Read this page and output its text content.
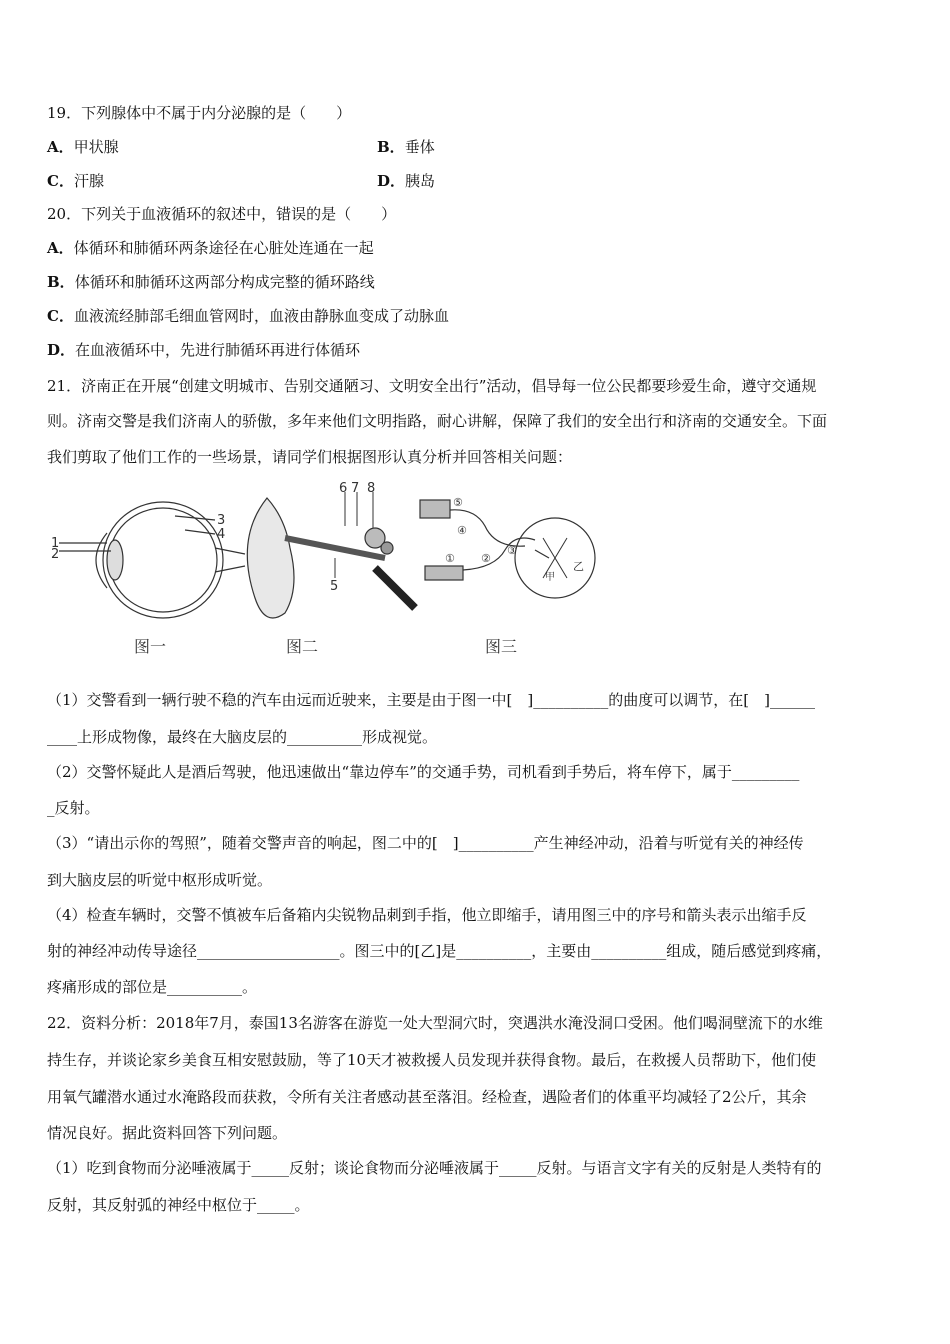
19．下列腺体中不属于内分泌腺的是（　　）
A．甲状腺	B．垂体
C．汗腺	D．胰岛
20．下列关于血液循环的叙述中，错误的是（　　）
A．体循环和肺循环两条途径在心脏处连通在一起
B．体循环和肺循环这两部分构成完整的循环路线
C．血液流经肺部毛细血管网时，血液由静脉血变成了动脉血
D．在血液循环中，先进行肺循环再进行体循环
21．济南正在开展“创建文明城市、告别交通陋习、文明安全出行”活动，倡导每一位公民都要珍爱生命，遵守交通规
则。济南交警是我们济南人的骄傲，多年来他们文明指路，耐心讲解，保障了我们的安全出行和济南的交通安全。下面
我们剪取了他们工作的一些场景，请同学们根据图形认真分析并回答相关问题：
1
2
3
4
6 7 8
5
⑤
④
③
②
①
甲
乙
图一	图二	图三
（1）交警看到一辆行驶不稳的汽车由远而近驶来，主要是由于图一中[　]__________的曲度可以调节，在[　]______
____上形成物像，最终在大脑皮层的__________形成视觉。
（2）交警怀疑此人是酒后驾驶，他迅速做出“靠边停车”的交通手势，司机看到手势后，将车停下，属于_________
_反射。
（3）“请出示你的驾照”，随着交警声音的响起，图二中的[　]__________产生神经冲动，沿着与听觉有关的神经传
到大脑皮层的听觉中枢形成听觉。
（4）检查车辆时，交警不慎被车后备箱内尖锐物品刺到手指，他立即缩手，请用图三中的序号和箭头表示出缩手反
射的神经冲动传导途径___________________。图三中的[乙]是__________，主要由__________组成，随后感觉到疼痛，
疼痛形成的部位是__________。
22．资料分析：2018年7月，泰国13名游客在游览一处大型洞穴时，突遇洪水淹没洞口受困。他们喝洞壁流下的水维
持生存，并谈论家乡美食互相安慰鼓励，等了10天才被救援人员发现并获得食物。最后，在救援人员帮助下，他们使
用氧气罐潜水通过水淹路段而获救，令所有关注者感动甚至落泪。经检查，遇险者们的体重平均减轻了2公斤，其余
情况良好。据此资料回答下列问题。
（1）吃到食物而分泌唾液属于_____反射；谈论食物而分泌唾液属于_____反射。与语言文字有关的反射是人类特有的
反射，其反射弧的神经中枢位于_____。
